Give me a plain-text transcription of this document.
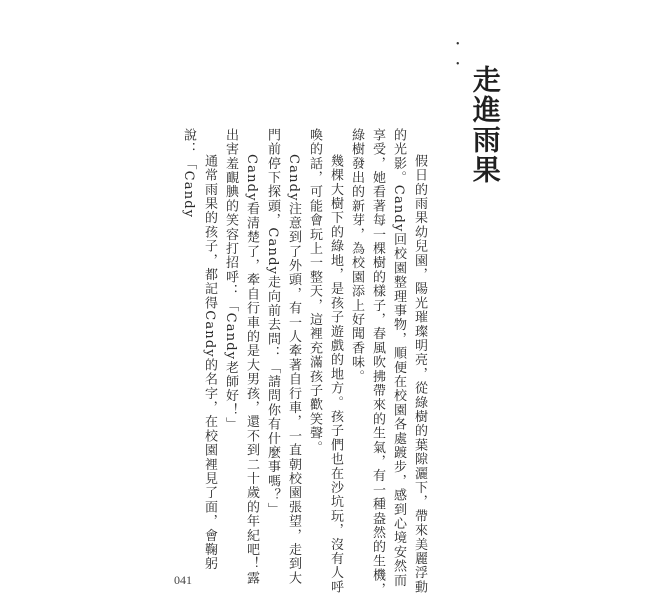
•
•
走進雨果

假日的雨果幼兒園，陽光璀璨明亮，從綠樹的葉隙灑下，帶來美麗浮動的光影。Candy回校園整理事物，順便在校園各處踱步，感到心境安然而享受，她看著每一棵樹的樣子，春風吹拂帶來的生氣，有一種盎然的生機，綠樹發出的新芽，為校園添上好聞香味。

幾棵大樹下的綠地，是孩子遊戲的地方。孩子們也在沙坑玩，沒有人呼喚的話，可能會玩上一整天，這裡充滿孩子歡笑聲。

Candy注意到了外頭，有一人牽著自行車，一直朝校園張望，走到大門前停下探頭，Candy走向前去問：「請問你有什麼事嗎？」

Candy看清楚了，牽自行車的是大男孩，還不到二十歲的年紀吧！露出害羞靦腆的笑容打招呼：「Candy老師好！」

通常雨果的孩子，都記得Candy的名字，在校園裡見了面，會鞠躬說：「Candy

041
